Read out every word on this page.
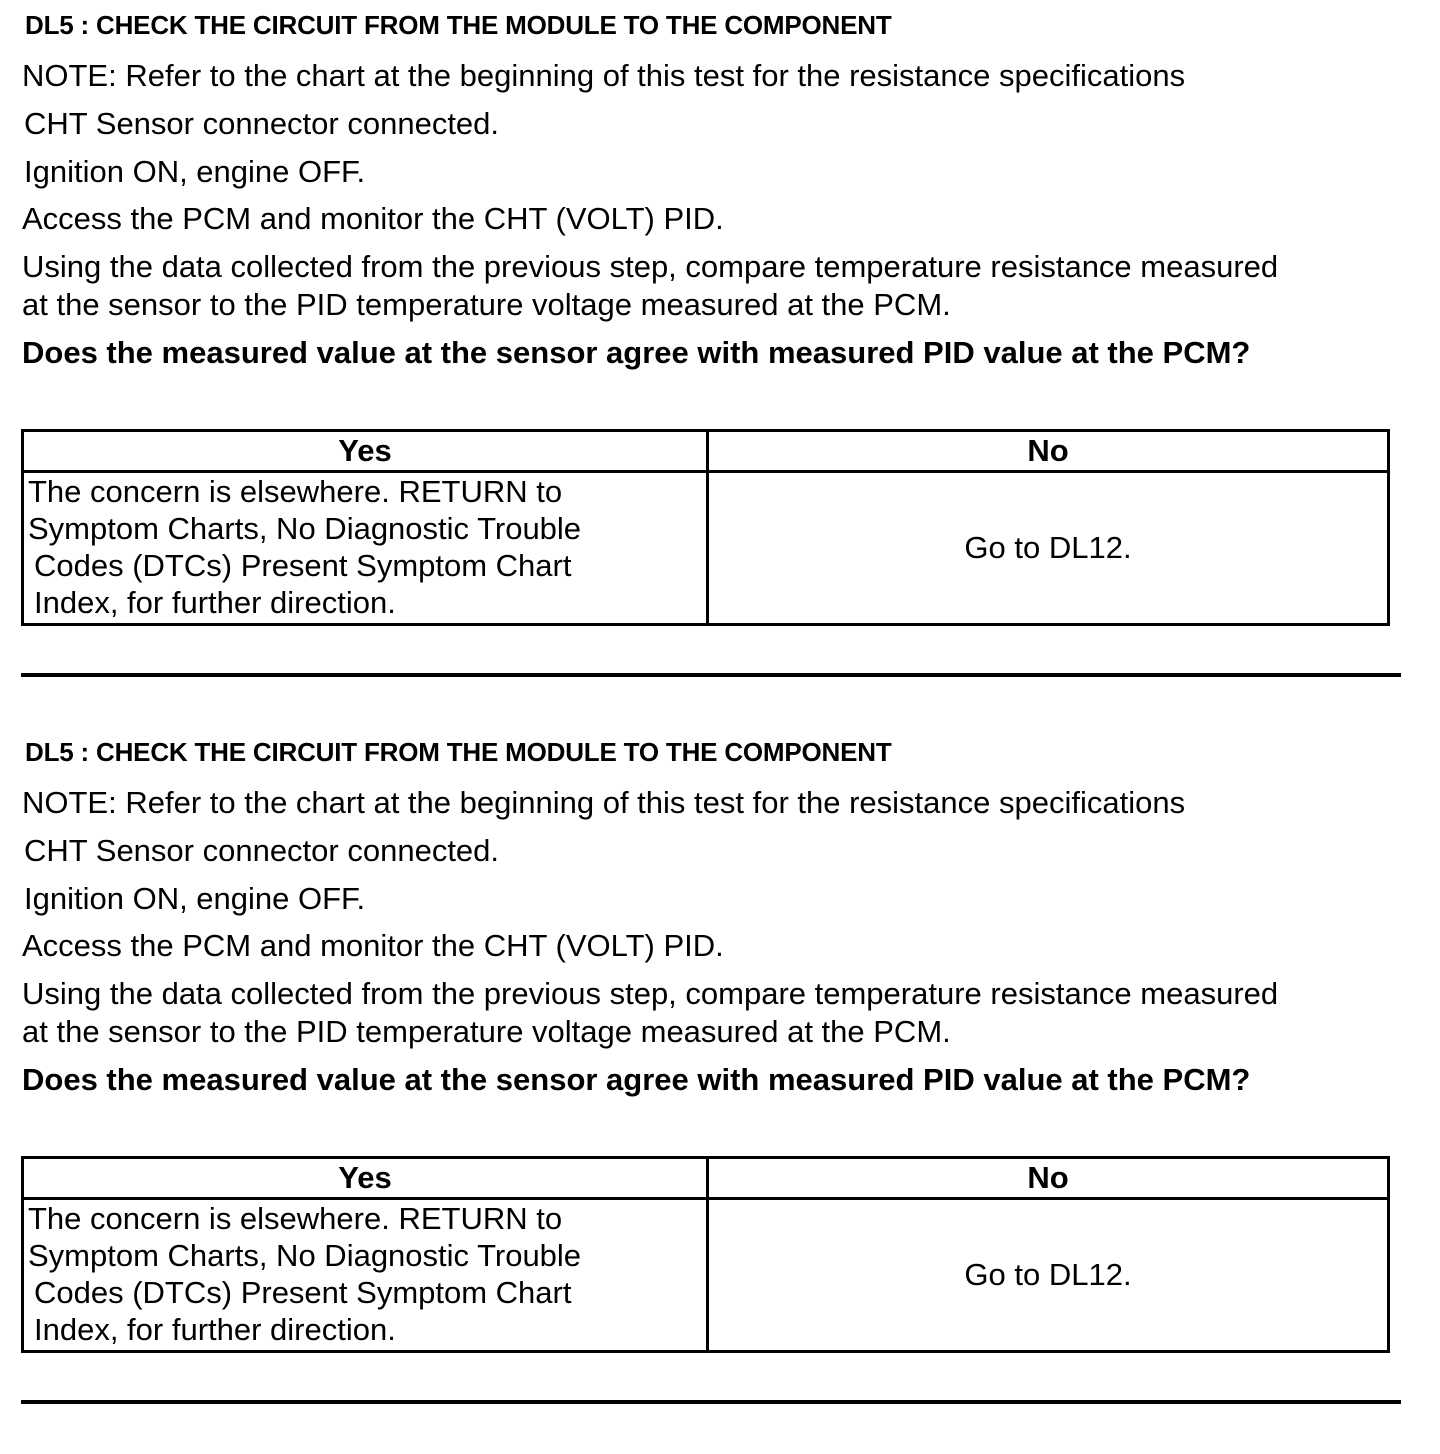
DL5 : CHECK THE CIRCUIT FROM THE MODULE TO THE COMPONENT
NOTE: Refer to the chart at the beginning of this test for the resistance specifications
CHT Sensor connector connected.
Ignition ON, engine OFF.
Access the PCM and monitor the CHT (VOLT) PID.
Using the data collected from the previous step, compare temperature resistance measured
at the sensor to the PID temperature voltage measured at the PCM.
Does the measured value at the sensor agree with measured PID value at the PCM?
Yes	No

The concern is elsewhere. RETURN to
Symptom Charts, No Diagnostic Trouble
Codes (DTCs) Present Symptom Chart
Index, for further direction.	Go to DL12.
DL5 : CHECK THE CIRCUIT FROM THE MODULE TO THE COMPONENT
NOTE: Refer to the chart at the beginning of this test for the resistance specifications
CHT Sensor connector connected.
Ignition ON, engine OFF.
Access the PCM and monitor the CHT (VOLT) PID.
Using the data collected from the previous step, compare temperature resistance measured
at the sensor to the PID temperature voltage measured at the PCM.
Does the measured value at the sensor agree with measured PID value at the PCM?
Yes	No

The concern is elsewhere. RETURN to
Symptom Charts, No Diagnostic Trouble
Codes (DTCs) Present Symptom Chart
Index, for further direction.	Go to DL12.
